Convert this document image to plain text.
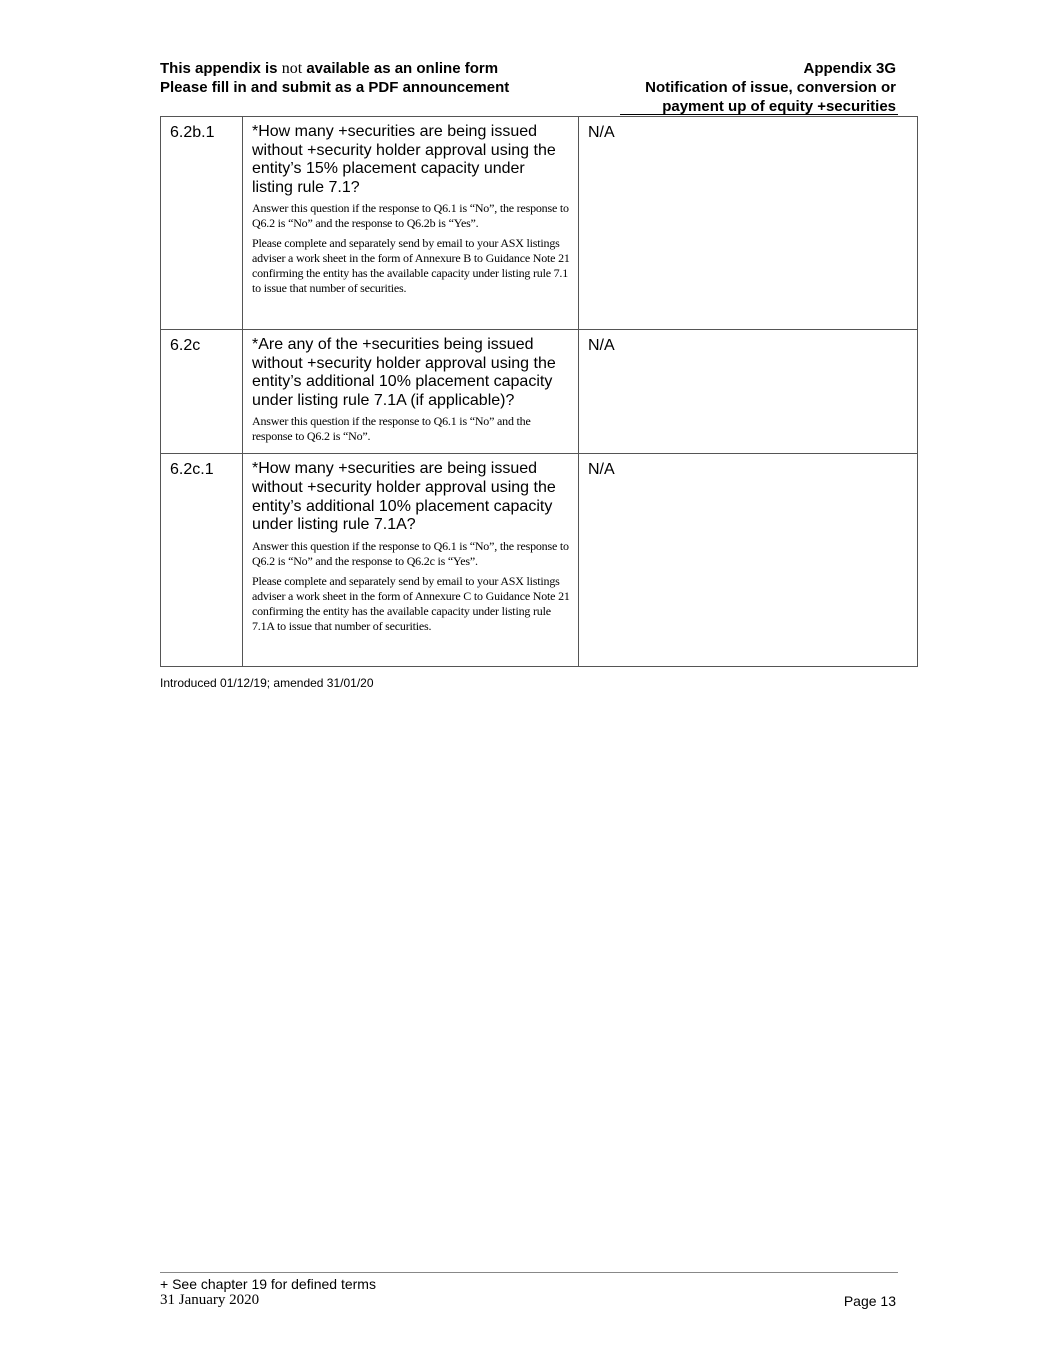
This appendix is not available as an online form
Please fill in and submit as a PDF announcement
Appendix 3G
Notification of issue, conversion or
payment up of equity +securities
6.2b.1	*How many +securities are being issued without +security holder approval using the entity’s 15% placement capacity under listing rule 7.1?

Answer this question if the response to Q6.1 is “No”, the response to Q6.2 is “No” and the response to Q6.2b is “Yes”.

Please complete and separately send by email to your ASX listings adviser a work sheet in the form of Annexure B to Guidance Note 21 confirming the entity has the available capacity under listing rule 7.1 to issue that number of securities.	N/A

6.2c	*Are any of the +securities being issued without +security holder approval using the entity’s additional 10% placement capacity under listing rule 7.1A (if applicable)?

Answer this question if the response to Q6.1 is “No” and the response to Q6.2 is “No”.	N/A

6.2c.1	*How many +securities are being issued without +security holder approval using the entity’s additional 10% placement capacity under listing rule 7.1A?

Answer this question if the response to Q6.1 is “No”, the response to Q6.2 is “No” and the response to Q6.2c is “Yes”.

Please complete and separately send by email to your ASX listings adviser a work sheet in the form of Annexure C to Guidance Note 21 confirming the entity has the available capacity under listing rule 7.1A to issue that number of securities.	N/A
Introduced 01/12/19; amended 31/01/20
+ See chapter 19 for defined terms
31 January 2020	Page 13
